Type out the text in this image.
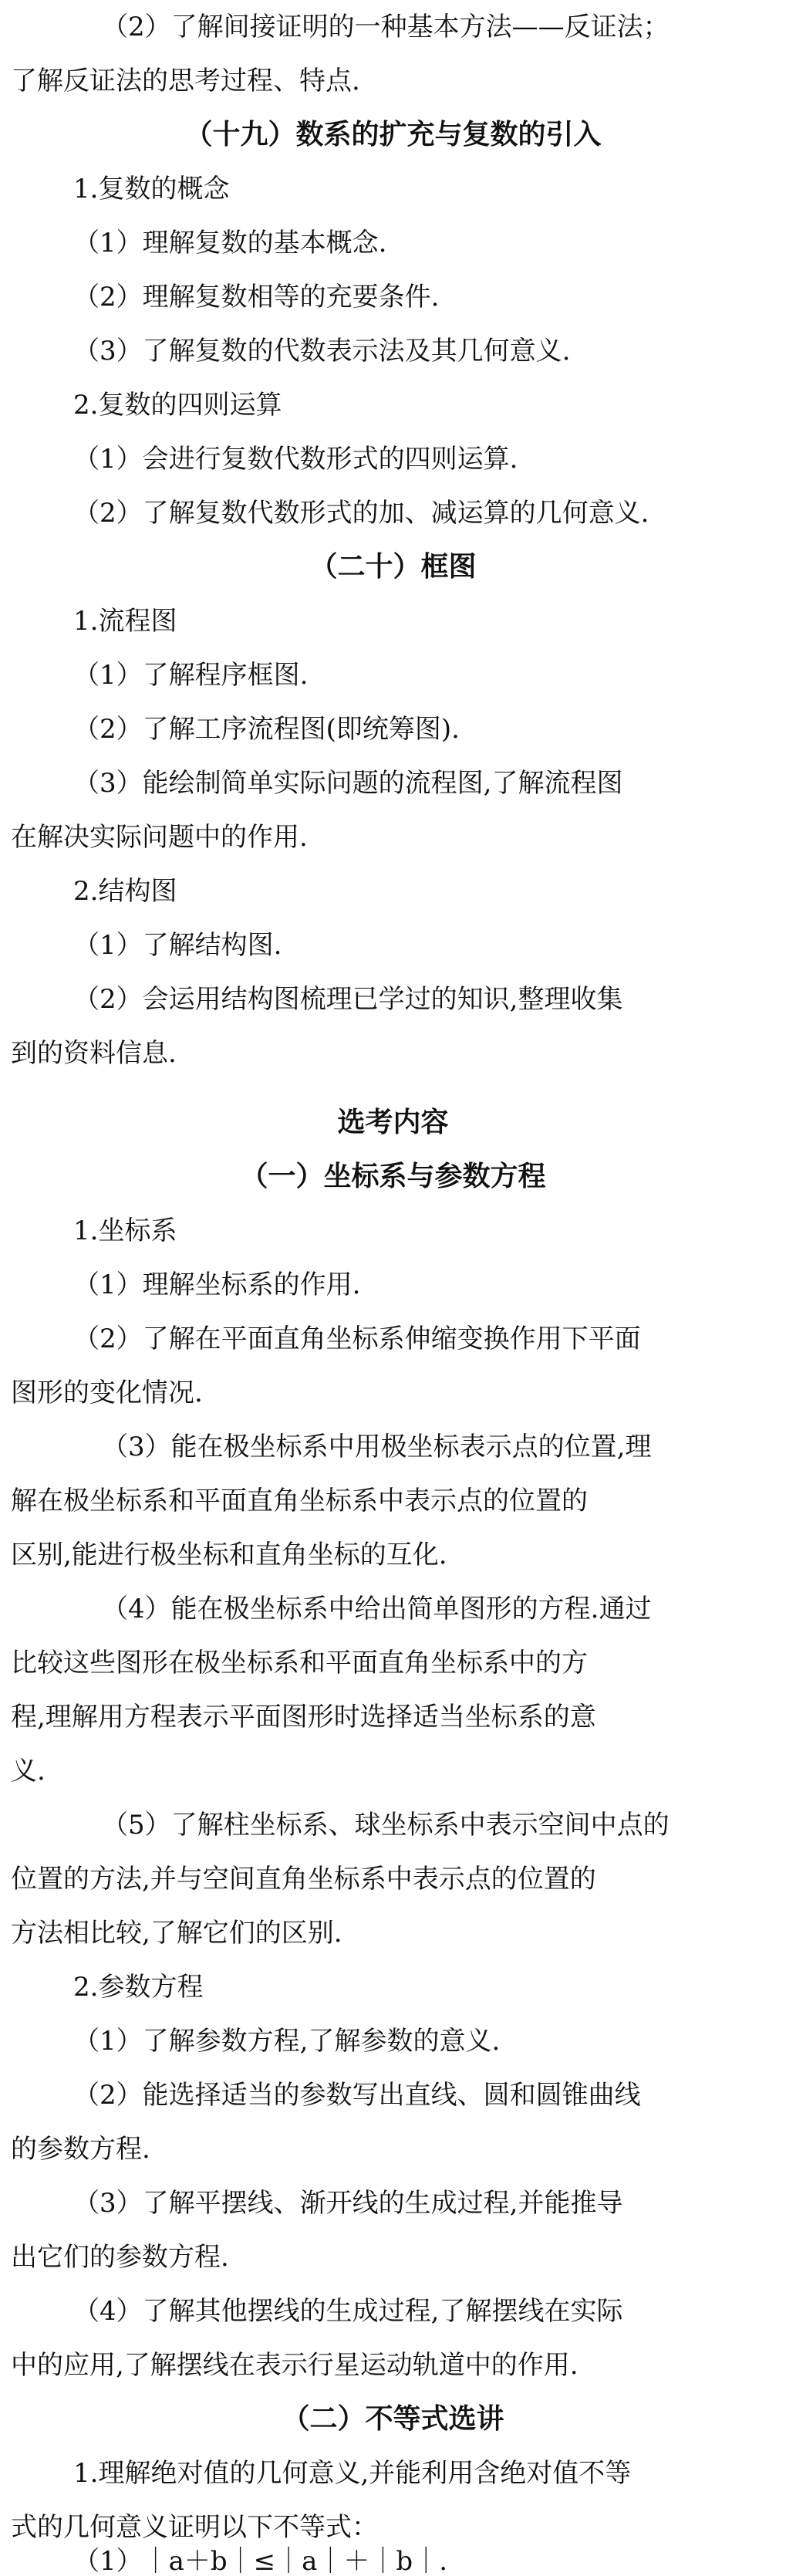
（2）了解间接证明的一种基本方法——反证法；
了解反证法的思考过程、特点.
（十九）数系的扩充与复数的引入
1.复数的概念
（1）理解复数的基本概念.
（2）理解复数相等的充要条件.
（3）了解复数的代数表示法及其几何意义.
2.复数的四则运算
（1）会进行复数代数形式的四则运算.
（2）了解复数代数形式的加、减运算的几何意义.
（二十）框图
1.流程图
（1）了解程序框图.
（2）了解工序流程图(即统筹图).
（3）能绘制简单实际问题的流程图,了解流程图
在解决实际问题中的作用.
2.结构图
（1）了解结构图.
（2）会运用结构图梳理已学过的知识,整理收集
到的资料信息.
选考内容
（一）坐标系与参数方程
1.坐标系
（1）理解坐标系的作用.
（2）了解在平面直角坐标系伸缩变换作用下平面
图形的变化情况.
（3）能在极坐标系中用极坐标表示点的位置,理
解在极坐标系和平面直角坐标系中表示点的位置的
区别,能进行极坐标和直角坐标的互化.
（4）能在极坐标系中给出简单图形的方程.通过
比较这些图形在极坐标系和平面直角坐标系中的方
程,理解用方程表示平面图形时选择适当坐标系的意
义.
（5）了解柱坐标系、球坐标系中表示空间中点的
位置的方法,并与空间直角坐标系中表示点的位置的
方法相比较,了解它们的区别.
2.参数方程
（1）了解参数方程,了解参数的意义.
（2）能选择适当的参数写出直线、圆和圆锥曲线
的参数方程.
（3）了解平摆线、渐开线的生成过程,并能推导
出它们的参数方程.
（4）了解其他摆线的生成过程,了解摆线在实际
中的应用,了解摆线在表示行星运动轨道中的作用.
（二）不等式选讲
1.理解绝对值的几何意义,并能利用含绝对值不等
式的几何意义证明以下不等式：
（1）｜a＋b｜≤｜a｜＋｜b｜.
